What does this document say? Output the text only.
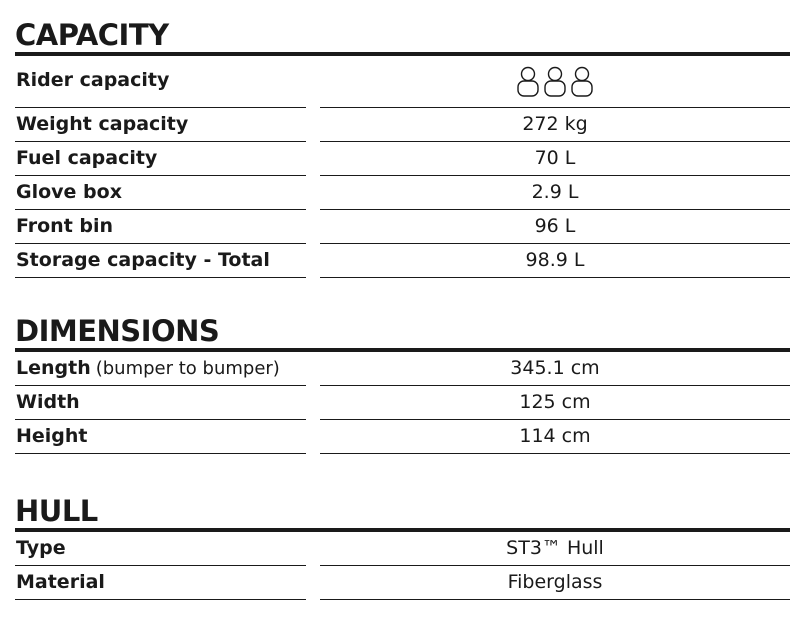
CAPACITY
Rider capacity
Weight capacity	272 kg
Fuel capacity	70 L
Glove box	2.9 L
Front bin	96 L
Storage capacity - Total	98.9 L
DIMENSIONS
Length (bumper to bumper)	345.1 cm
Width	125 cm
Height	114 cm
HULL
Type	ST3™ Hull
Material	Fiberglass
